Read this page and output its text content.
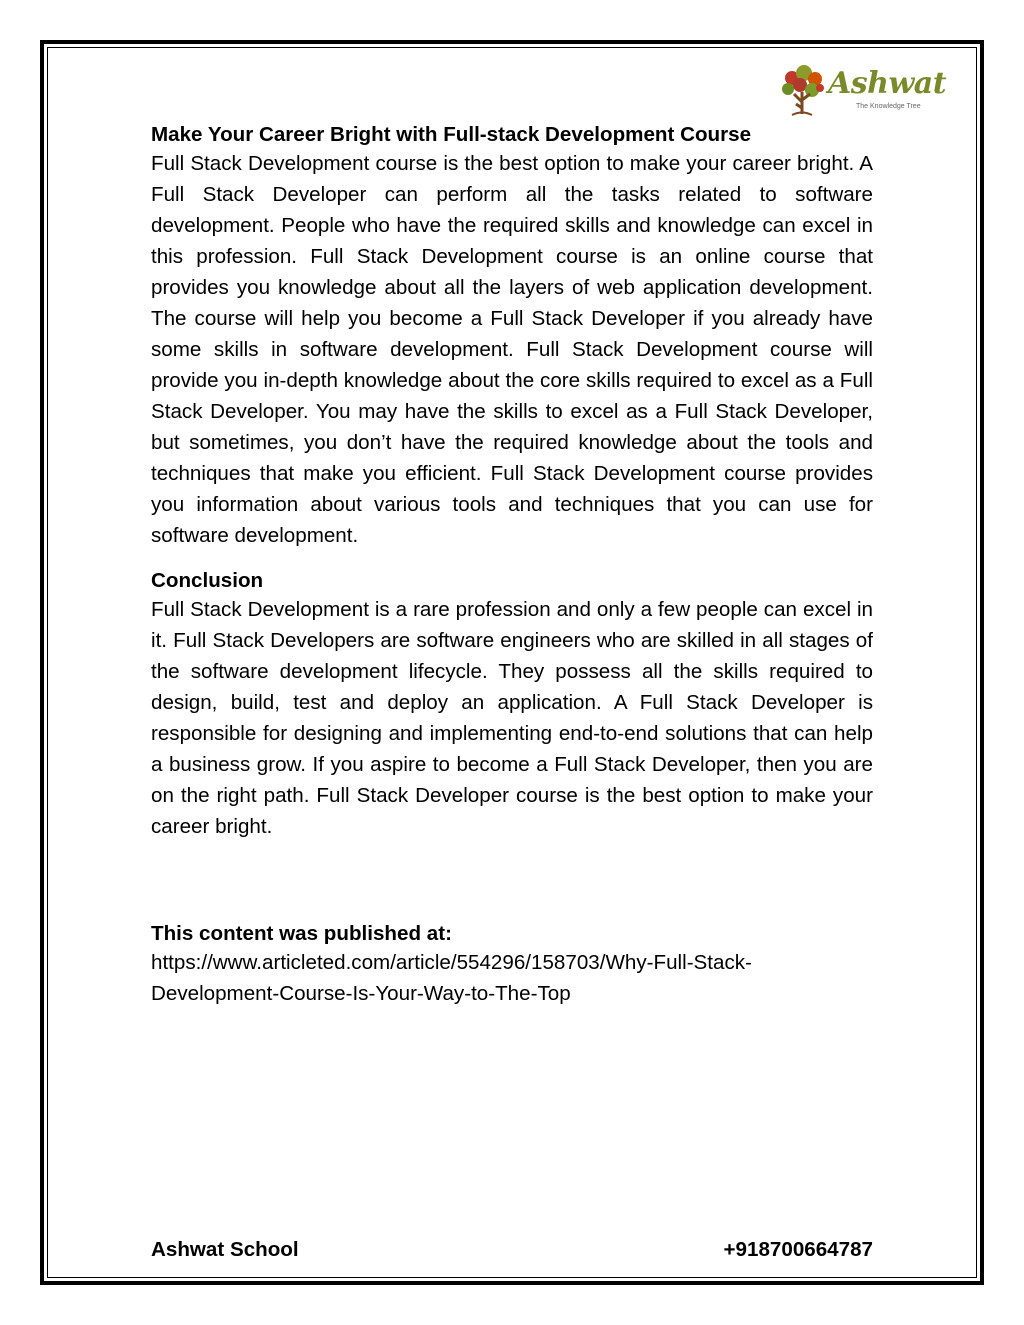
Ashwat
The Knowledge Tree
Make Your Career Bright with Full-stack Development Course

Full Stack Development course is the best option to make your career bright. A Full Stack Developer can perform all the tasks related to software development. People who have the required skills and knowledge can excel in this profession. Full Stack Development course is an online course that provides you knowledge about all the layers of web application development. The course will help you become a Full Stack Developer if you already have some skills in software development. Full Stack Development course will provide you in-depth knowledge about the core skills required to excel as a Full Stack Developer. You may have the skills to excel as a Full Stack Developer, but sometimes, you don’t have the required knowledge about the tools and techniques that make you efficient. Full Stack Development course provides you information about various tools and techniques that you can use for software development.

Conclusion

Full Stack Development is a rare profession and only a few people can excel in it. Full Stack Developers are software engineers who are skilled in all stages of the software development lifecycle. They possess all the skills required to design, build, test and deploy an application. A Full Stack Developer is responsible for designing and implementing end-to-end solutions that can help a business grow. If you aspire to become a Full Stack Developer, then you are on the right path. Full Stack Developer course is the best option to make your career bright.

This content was published at:

https://www.articleted.com/article/554296/158703/Why-Full-Stack-
Development-Course-Is-Your-Way-to-The-Top

Ashwat School	+918700664787
